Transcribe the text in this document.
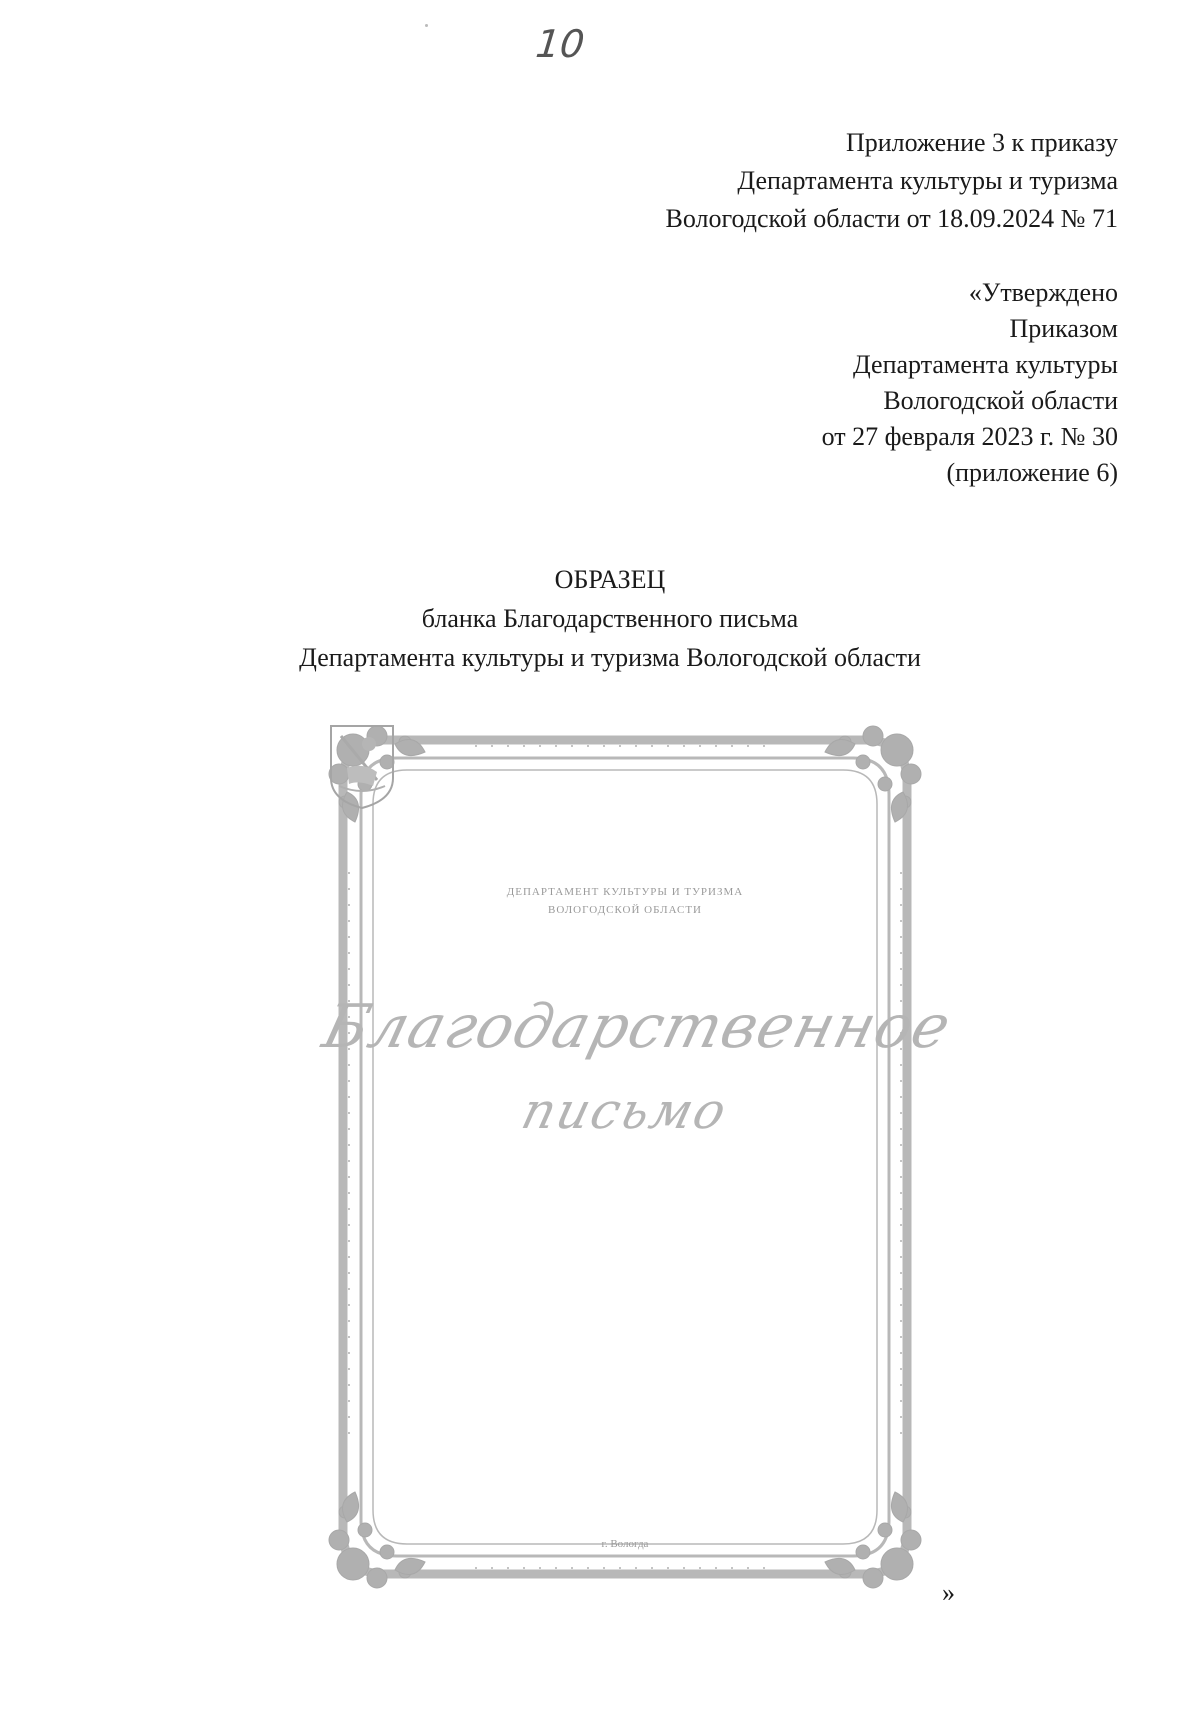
10
Приложение 3 к приказу
Департамента культуры и туризма
Вологодской области от 18.09.2024 № 71
«Утверждено
Приказом
Департамента культуры
Вологодской области
от 27 февраля 2023 г. № 30
(приложение 6)
ОБРАЗЕЦ
бланка Благодарственного письма
Департамента культуры и туризма Вологодской области
ДЕПАРТАМЕНТ КУЛЬТУРЫ И ТУРИЗМА
ВОЛОГОДСКОЙ ОБЛАСТИ
Благодарственное
письмо
г. Вологда
»
